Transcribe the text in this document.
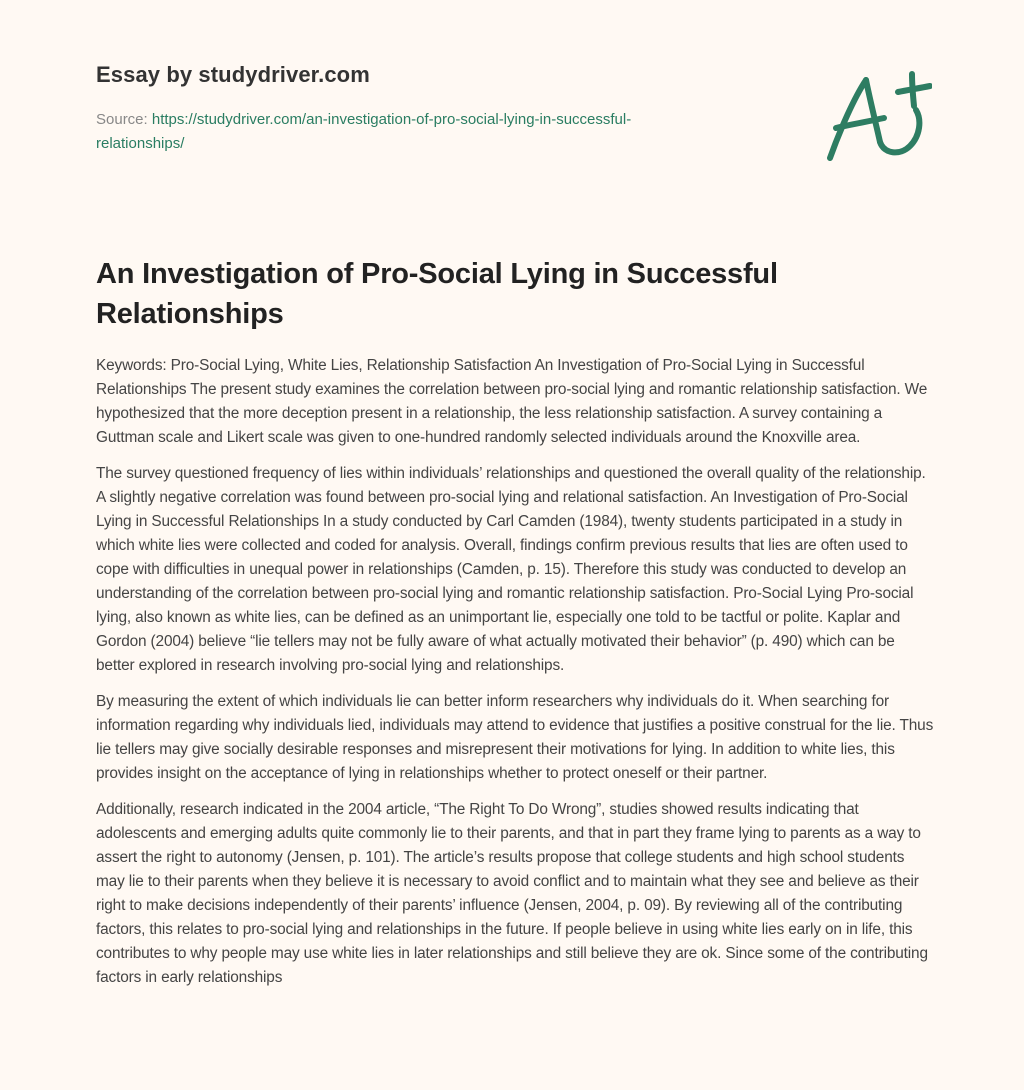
Essay by studydriver.com
Source: https://studydriver.com/an-investigation-of-pro-social-lying-in-successful-
relationships/
An Investigation of Pro-Social Lying in Successful Relationships

Keywords: Pro-Social Lying, White Lies, Relationship Satisfaction An Investigation of Pro-Social Lying in Successful Relationships The present study examines the correlation between pro-social lying and romantic relationship satisfaction. We hypothesized that the more deception present in a relationship, the less relationship satisfaction. A survey containing a Guttman scale and Likert scale was given to one-hundred randomly selected individuals around the Knoxville area.

The survey questioned frequency of lies within individuals’ relationships and questioned the overall quality of the relationship. A slightly negative correlation was found between pro-social lying and relational satisfaction. An Investigation of Pro-Social Lying in Successful Relationships In a study conducted by Carl Camden (1984), twenty students participated in a study in which white lies were collected and coded for analysis. Overall, findings confirm previous results that lies are often used to cope with difficulties in unequal power in relationships (Camden, p. 15). Therefore this study was conducted to develop an understanding of the correlation between pro-social lying and romantic relationship satisfaction. Pro-Social Lying Pro-social lying, also known as white lies, can be defined as an unimportant lie, especially one told to be tactful or polite. Kaplar and Gordon (2004) believe “lie tellers may not be fully aware of what actually motivated their behavior” (p. 490) which can be better explored in research involving pro-social lying and relationships.

By measuring the extent of which individuals lie can better inform researchers why individuals do it. When searching for information regarding why individuals lied, individuals may attend to evidence that justifies a positive construal for the lie. Thus lie tellers may give socially desirable responses and misrepresent their motivations for lying. In addition to white lies, this provides insight on the acceptance of lying in relationships whether to protect oneself or their partner.

Additionally, research indicated in the 2004 article, “The Right To Do Wrong”, studies showed results indicating that adolescents and emerging adults quite commonly lie to their parents, and that in part they frame lying to parents as a way to assert the right to autonomy (Jensen, p. 101). The article’s results propose that college students and high school students may lie to their parents when they believe it is necessary to avoid conflict and to maintain what they see and believe as their right to make decisions independently of their parents’ influence (Jensen, 2004, p. 09). By reviewing all of the contributing factors, this relates to pro-social lying and relationships in the future. If people believe in using white lies early on in life, this contributes to why people may use white lies in later relationships and still believe they are ok. Since some of the contributing factors in early relationships
